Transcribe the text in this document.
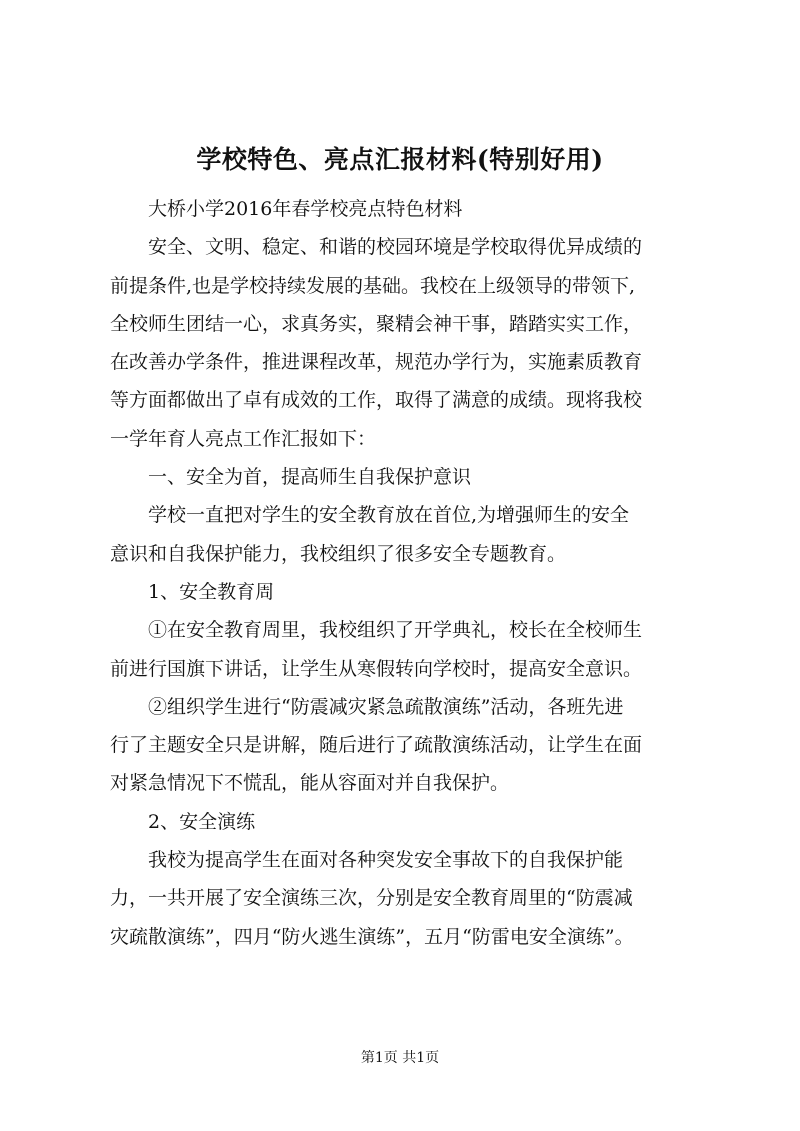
学校特色、亮点汇报材料(特别好用)
大桥小学2016年春学校亮点特色材料
安全、文明、稳定、和谐的校园环境是学校取得优异成绩的
前提条件,也是学校持续发展的基础。我校在上级领导的带领下,
全校师生团结一心，求真务实，聚精会神干事，踏踏实实工作，
在改善办学条件，推进课程改革，规范办学行为，实施素质教育
等方面都做出了卓有成效的工作，取得了满意的成绩。现将我校
一学年育人亮点工作汇报如下：
一、安全为首，提高师生自我保护意识
学校一直把对学生的安全教育放在首位,为增强师生的安全
意识和自我保护能力，我校组织了很多安全专题教育。
1、安全教育周
①在安全教育周里，我校组织了开学典礼，校长在全校师生
前进行国旗下讲话，让学生从寒假转向学校时，提高安全意识。
②组织学生进行“防震减灾紧急疏散演练”活动，各班先进
行了主题安全只是讲解，随后进行了疏散演练活动，让学生在面
对紧急情况下不慌乱，能从容面对并自我保护。
2、安全演练
我校为提高学生在面对各种突发安全事故下的自我保护能
力，一共开展了安全演练三次，分别是安全教育周里的“防震减
灾疏散演练”，四月“防火逃生演练”，五月“防雷电安全演练”。
第1页 共1页
